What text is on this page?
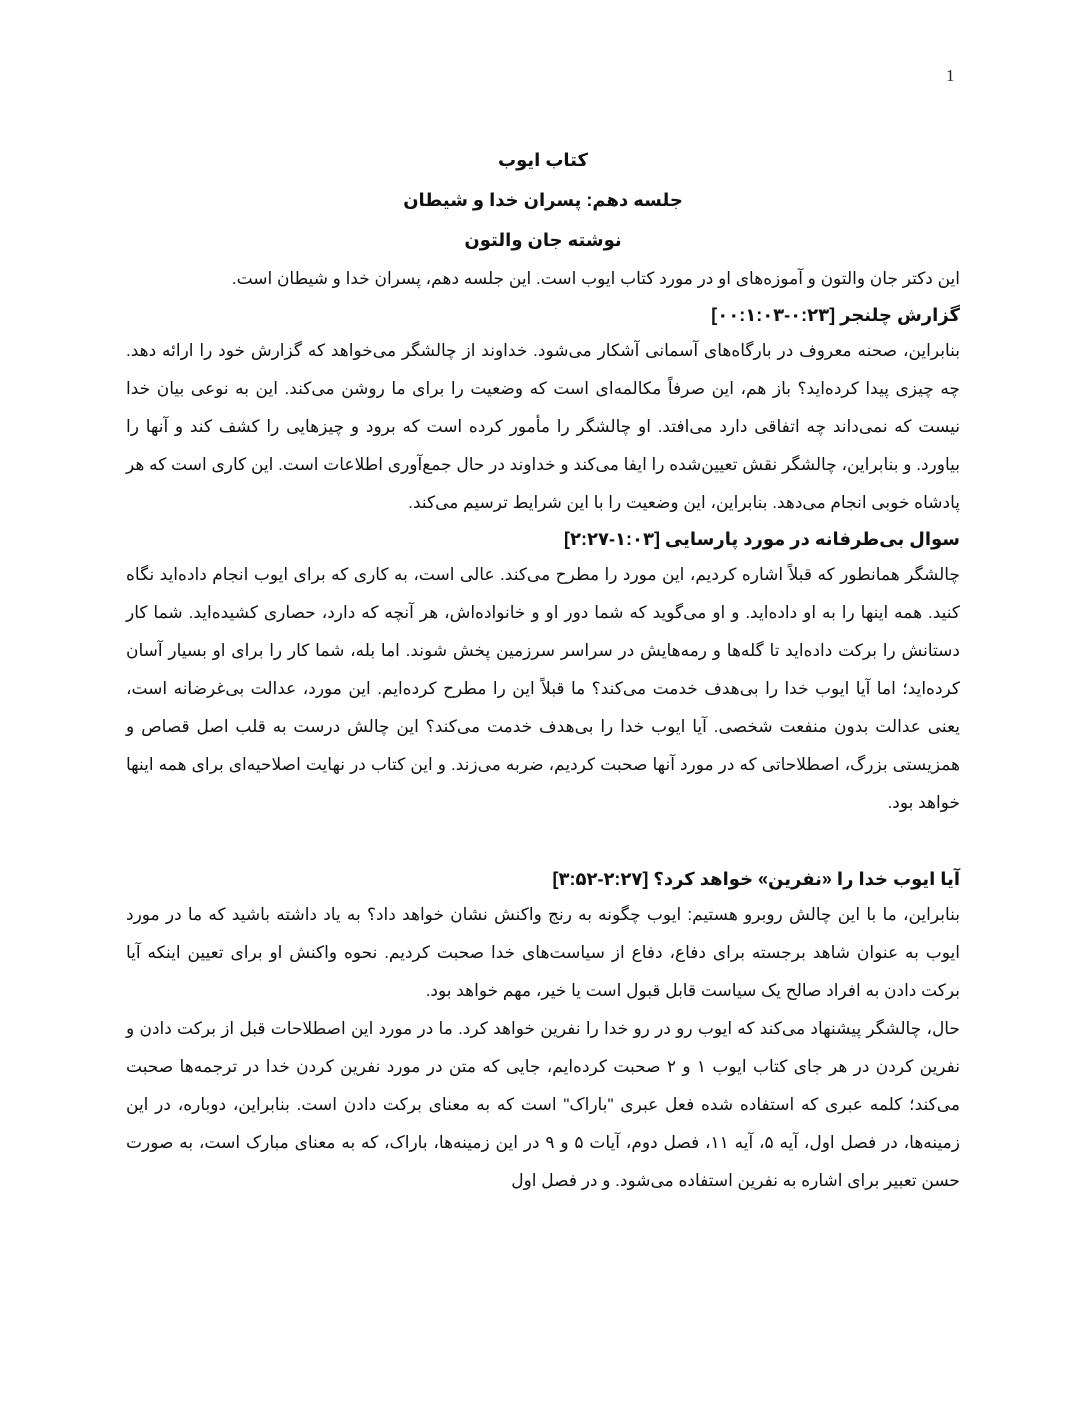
1
کتاب ایوب
جلسه دهم: پسران خدا و شیطان
نوشته جان والتون

این دکتر جان والتون و آموزه‌های او در مورد کتاب ایوب است. این جلسه دهم، پسران خدا و شیطان است.

گزارش چلنجر [۰:۲۳-۰۰:۱:۰۳]

بنابراین، صحنه معروف در بارگاه‌های آسمانی آشکار می‌شود. خداوند از چالشگر می‌خواهد که گزارش خود را ارائه دهد. چه چیزی پیدا کرده‌اید؟ باز هم، این صرفاً مکالمه‌ای است که وضعیت را برای ما روشن می‌کند. این به نوعی بیان خدا نیست که نمی‌داند چه اتفاقی دارد می‌افتد. او چالشگر را مأمور کرده است که برود و چیزهایی را کشف کند و آنها را بیاورد. و بنابراین، چالشگر نقش تعیین‌شده را ایفا می‌کند و خداوند در حال جمع‌آوری اطلاعات است. این کاری است که هر پادشاه خوبی انجام می‌دهد. بنابراین، این وضعیت را با این شرایط ترسیم می‌کند.

سوال بی‌طرفانه در مورد پارسایی [۱:۰۳-۲:۲۷]

چالشگر همانطور که قبلاً اشاره کردیم، این مورد را مطرح می‌کند. عالی است، به کاری که برای ایوب انجام داده‌اید نگاه کنید. همه اینها را به او داده‌اید. و او می‌گوید که شما دور او و خانواده‌اش، هر آنچه که دارد، حصاری کشیده‌اید. شما کار دستانش را برکت داده‌اید تا گله‌ها و رمه‌هایش در سراسر سرزمین پخش شوند. اما بله، شما کار را برای او بسیار آسان کرده‌اید؛ اما آیا ایوب خدا را بی‌هدف خدمت می‌کند؟ ما قبلاً این را مطرح کرده‌ایم. این مورد، عدالت بی‌غرضانه است، یعنی عدالت بدون منفعت شخصی. آیا ایوب خدا را بی‌هدف خدمت می‌کند؟ این چالش درست به قلب اصل قصاص و همزیستی بزرگ، اصطلاحاتی که در مورد آنها صحبت کردیم، ضربه می‌زند. و این کتاب در نهایت اصلاحیه‌ای برای همه اینها خواهد بود.

آیا ایوب خدا را «نفرین» خواهد کرد؟ [۲:۲۷-۳:۵۲]

بنابراین، ما با این چالش روبرو هستیم: ایوب چگونه به رنج واکنش نشان خواهد داد؟ به یاد داشته باشید که ما در مورد ایوب به عنوان شاهد برجسته برای دفاع، دفاع از سیاست‌های خدا صحبت کردیم. نحوه واکنش او برای تعیین اینکه آیا برکت دادن به افراد صالح یک سیاست قابل قبول است یا خیر، مهم خواهد بود.

حال، چالشگر پیشنهاد می‌کند که ایوب رو در رو خدا را نفرین خواهد کرد. ما در مورد این اصطلاحات قبل از برکت دادن و نفرین کردن در هر جای کتاب ایوب ۱ و ۲ صحبت کرده‌ایم، جایی که متن در مورد نفرین کردن خدا در ترجمه‌ها صحبت می‌کند؛ کلمه عبری که استفاده شده فعل عبری "باراک" است که به معنای برکت دادن است. بنابراین، دوباره، در این زمینه‌ها، در فصل اول، آیه ۵، آیه ۱۱، فصل دوم، آیات ۵ و ۹ در این زمینه‌ها، باراک، که به معنای مبارک است، به صورت حسن تعبیر برای اشاره به نفرین استفاده می‌شود. و در فصل اول
